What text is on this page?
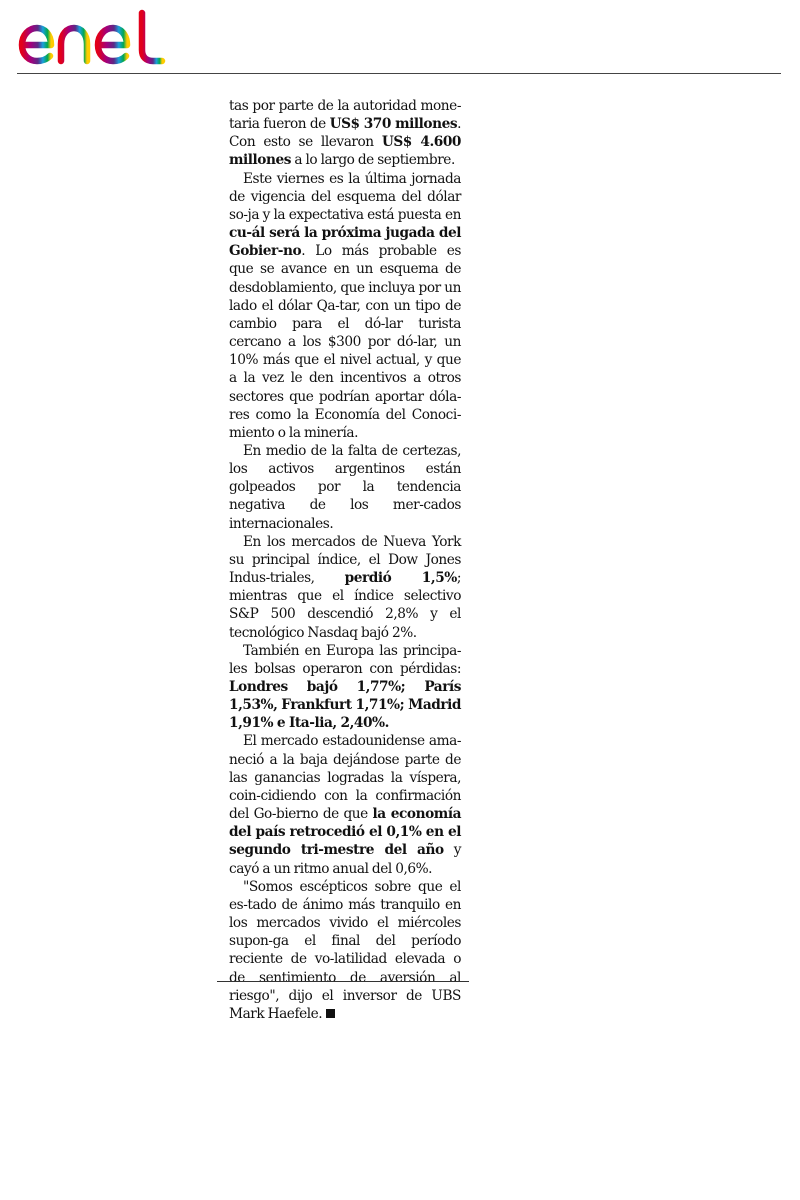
tas por parte de la autoridad mone-taria fueron de US$ 370 millones. Con esto se llevaron US$ 4.600 millones a lo largo de septiembre.

Este viernes es la última jornada de vigencia del esquema del dólar so-ja y la expectativa está puesta en cu-ál será la próxima jugada del Gobier-no. Lo más probable es que se avance en un esquema de desdoblamiento, que incluya por un lado el dólar Qa-tar, con un tipo de cambio para el dó-lar turista cercano a los $300 por dó-lar, un 10% más que el nivel actual, y que a la vez le den incentivos a otros sectores que podrían aportar dóla-res como la Economía del Conoci-miento o la minería.

En medio de la falta de certezas, los activos argentinos están golpeados por la tendencia negativa de los mer-cados internacionales.

En los mercados de Nueva York su principal índice, el Dow Jones Indus-triales, perdió 1,5%; mientras que el índice selectivo S&P 500 descendió 2,8% y el tecnológico Nasdaq bajó 2%.

También en Europa las principa-les bolsas operaron con pérdidas: Londres bajó 1,77%; París 1,53%, Frankfurt 1,71%; Madrid 1,91% e Ita-lia, 2,40%.

El mercado estadounidense ama-neció a la baja dejándose parte de las ganancias logradas la víspera, coin-cidiendo con la confirmación del Go-bierno de que la economía del país retrocedió el 0,1% en el segundo tri-mestre del año y cayó a un ritmo anual del 0,6%.

"Somos escépticos sobre que el es-tado de ánimo más tranquilo en los mercados vivido el miércoles supon-ga el final del período reciente de vo-latilidad elevada o de sentimiento de aversión al riesgo", dijo el inversor de UBS Mark Haefele.
